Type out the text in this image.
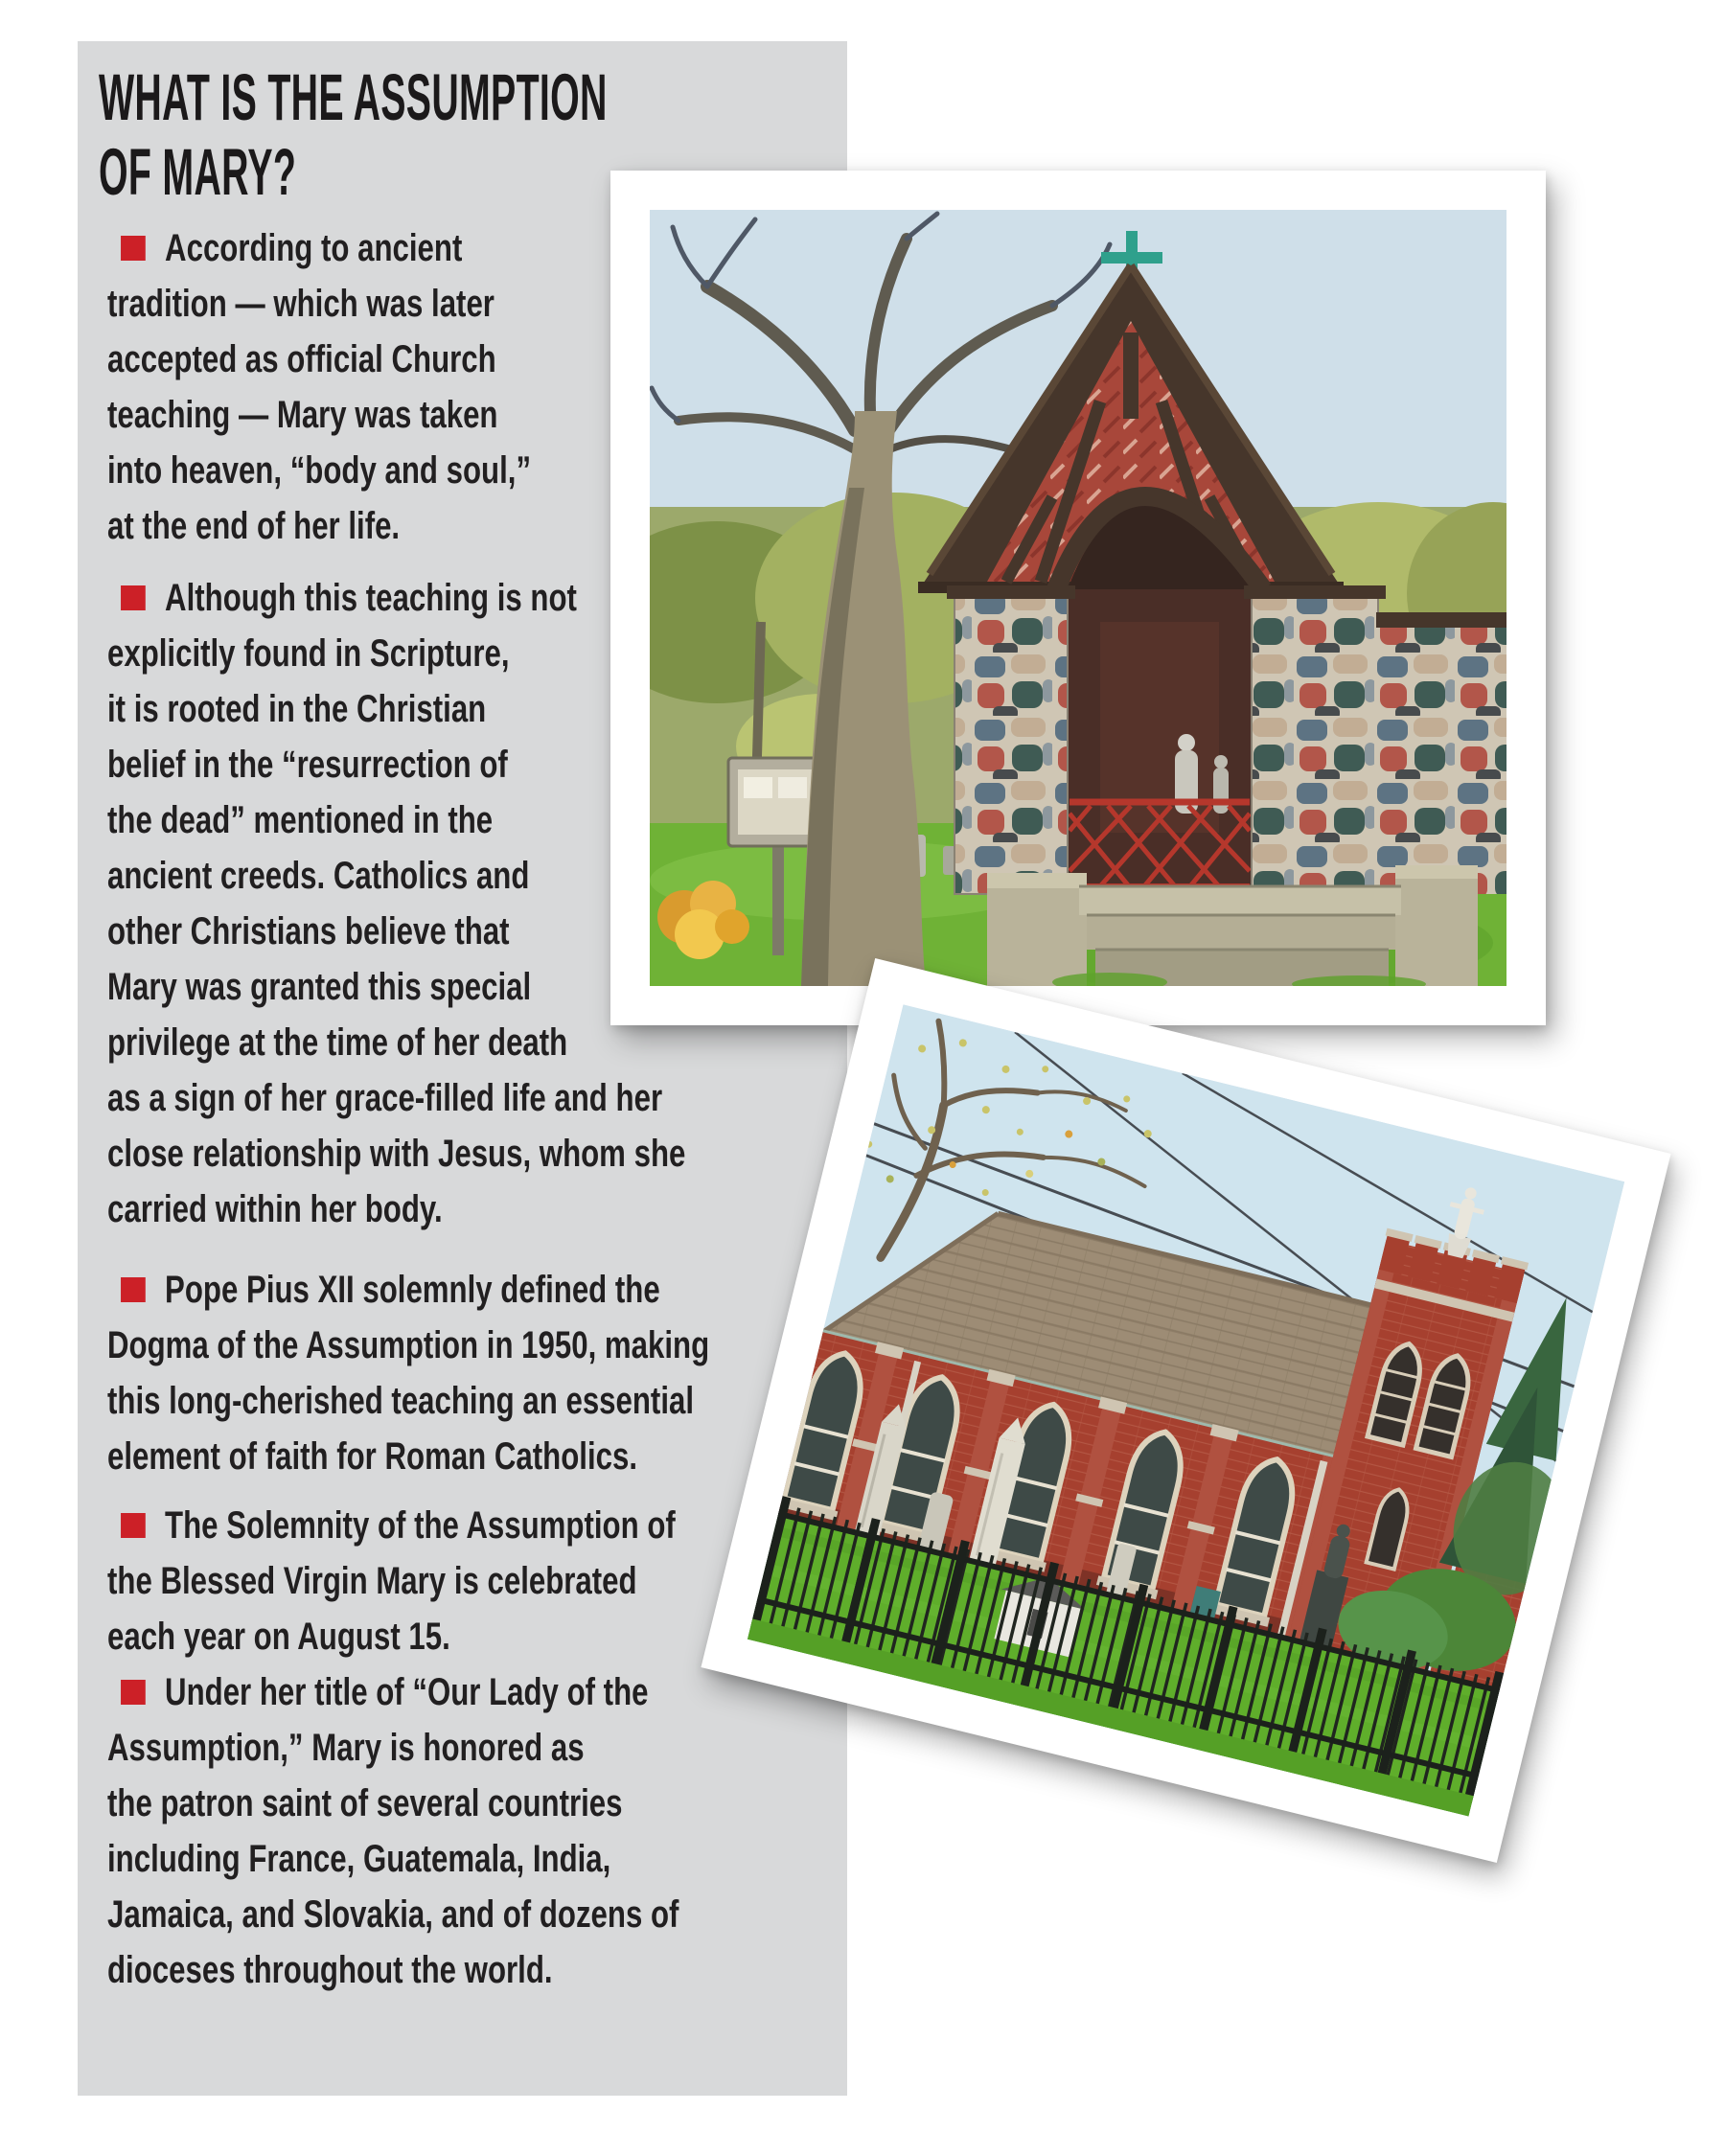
WHAT IS THE ASSUMPTION
OF MARY?
According to ancient
tradition — which was later
accepted as official Church
teaching — Mary was taken
into heaven, “body and soul,”
at the end of her life.
Although this teaching is not
explicitly found in Scripture,
it is rooted in the Christian
belief in the “resurrection of
the dead” mentioned in the
ancient creeds. Catholics and
other Christians believe that
Mary was granted this special
privilege at the time of her death
as a sign of her grace-filled life and her
close relationship with Jesus, whom she
carried within her body.
Pope Pius XII solemnly defined the
Dogma of the Assumption in 1950, making
this long-cherished teaching an essential
element of faith for Roman Catholics.
The Solemnity of the Assumption of
the Blessed Virgin Mary is celebrated
each year on August 15.
Under her title of “Our Lady of the
Assumption,” Mary is honored as
the patron saint of several countries
including France, Guatemala, India,
Jamaica, and Slovakia, and of dozens of
dioceses throughout the world.
